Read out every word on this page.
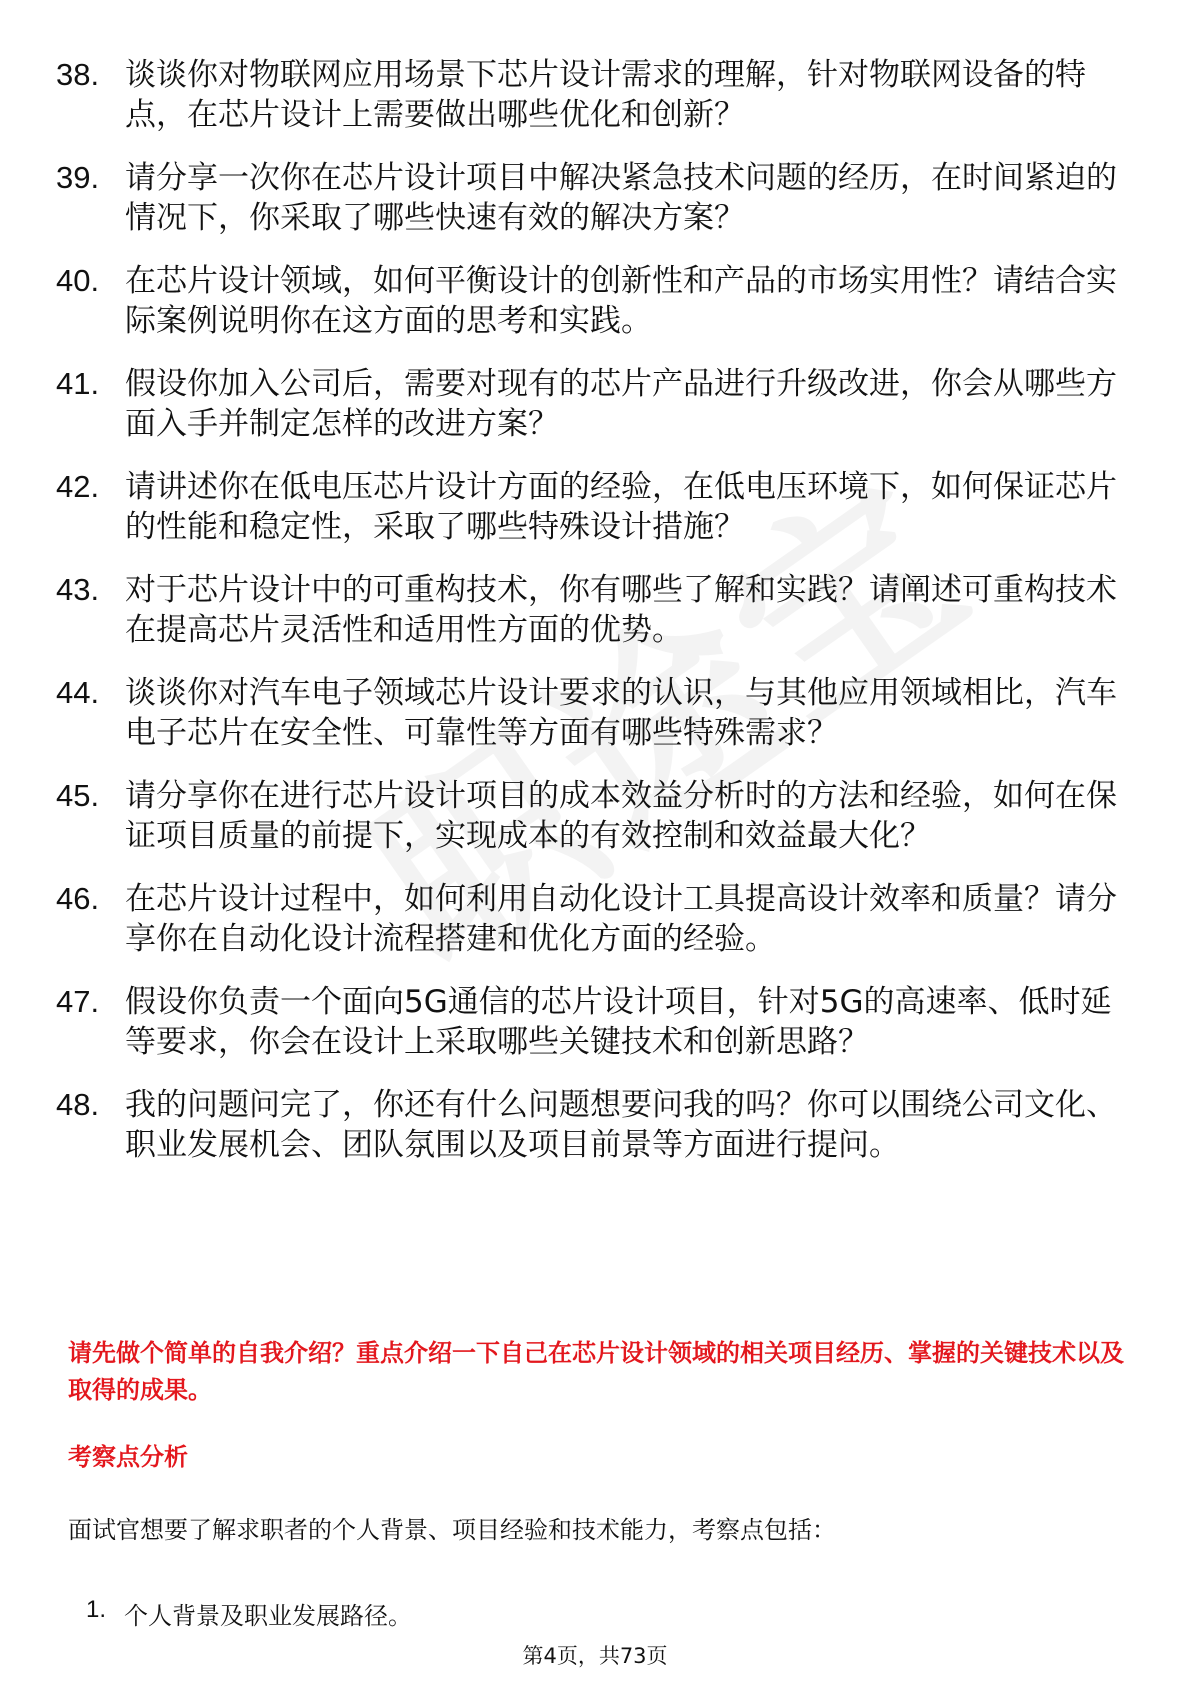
38. 谈谈你对物联网应用场景下芯片设计需求的理解，针对物联网设备的特点，在芯片设计上需要做出哪些优化和创新？
39. 请分享一次你在芯片设计项目中解决紧急技术问题的经历，在时间紧迫的情况下，你采取了哪些快速有效的解决方案？
40. 在芯片设计领域，如何平衡设计的创新性和产品的市场实用性？请结合实际案例说明你在这方面的思考和实践。
41. 假设你加入公司后，需要对现有的芯片产品进行升级改进，你会从哪些方面入手并制定怎样的改进方案？
42. 请讲述你在低电压芯片设计方面的经验，在低电压环境下，如何保证芯片的性能和稳定性，采取了哪些特殊设计措施？
43. 对于芯片设计中的可重构技术，你有哪些了解和实践？请阐述可重构技术在提高芯片灵活性和适用性方面的优势。
44. 谈谈你对汽车电子领域芯片设计要求的认识，与其他应用领域相比，汽车电子芯片在安全性、可靠性等方面有哪些特殊需求？
45. 请分享你在进行芯片设计项目的成本效益分析时的方法和经验，如何在保证项目质量的前提下，实现成本的有效控制和效益最大化？
46. 在芯片设计过程中，如何利用自动化设计工具提高设计效率和质量？请分享你在自动化设计流程搭建和优化方面的经验。
47. 假设你负责一个面向5G通信的芯片设计项目，针对5G的高速率、低时延等要求，你会在设计上采取哪些关键技术和创新思路？
48. 我的问题问完了，你还有什么问题想要问我的吗？你可以围绕公司文化、职业发展机会、团队氛围以及项目前景等方面进行提问。
请先做个简单的自我介绍？重点介绍一下自己在芯片设计领域的相关项目经历、掌握的关键技术以及取得的成果。
考察点分析
面试官想要了解求职者的个人背景、项目经验和技术能力，考察点包括：
1. 个人背景及职业发展路径。
第4页，共73页
